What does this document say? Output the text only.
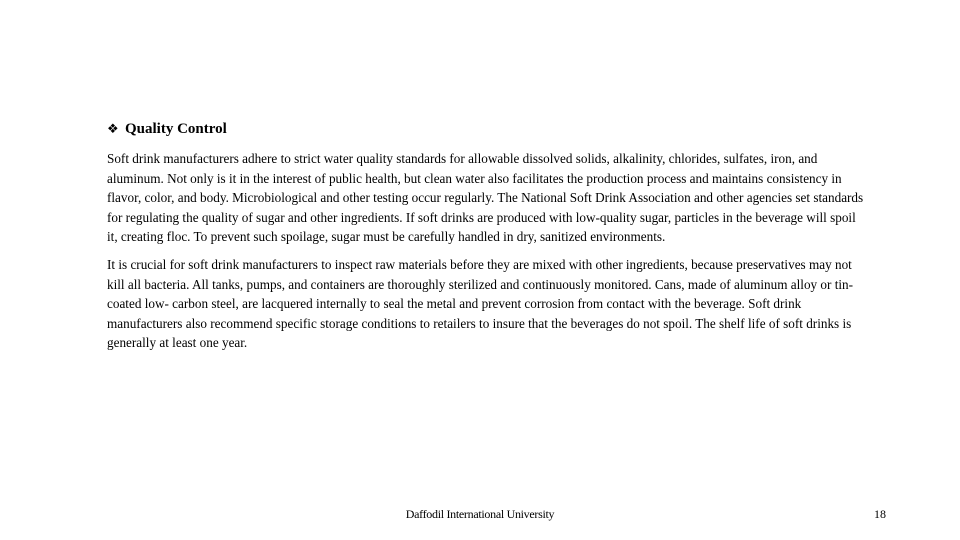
❖ Quality Control

Soft drink manufacturers adhere to strict water quality standards for allowable dissolved solids, alkalinity, chlorides, sulfates, iron, and aluminum. Not only is it in the interest of public health, but clean water also facilitates the production process and maintains consistency in flavor, color, and body. Microbiological and other testing occur regularly. The National Soft Drink Association and other agencies set standards for regulating the quality of sugar and other ingredients. If soft drinks are produced with low-quality sugar, particles in the beverage will spoil it, creating floc. To prevent such spoilage, sugar must be carefully handled in dry, sanitized environments.

It is crucial for soft drink manufacturers to inspect raw materials before they are mixed with other ingredients, because preservatives may not kill all bacteria. All tanks, pumps, and containers are thoroughly sterilized and continuously monitored. Cans, made of aluminum alloy or tin-coated low- carbon steel, are lacquered internally to seal the metal and prevent corrosion from contact with the beverage. Soft drink manufacturers also recommend specific storage conditions to retailers to insure that the beverages do not spoil. The shelf life of soft drinks is generally at least one year.

Daffodil International University	18
